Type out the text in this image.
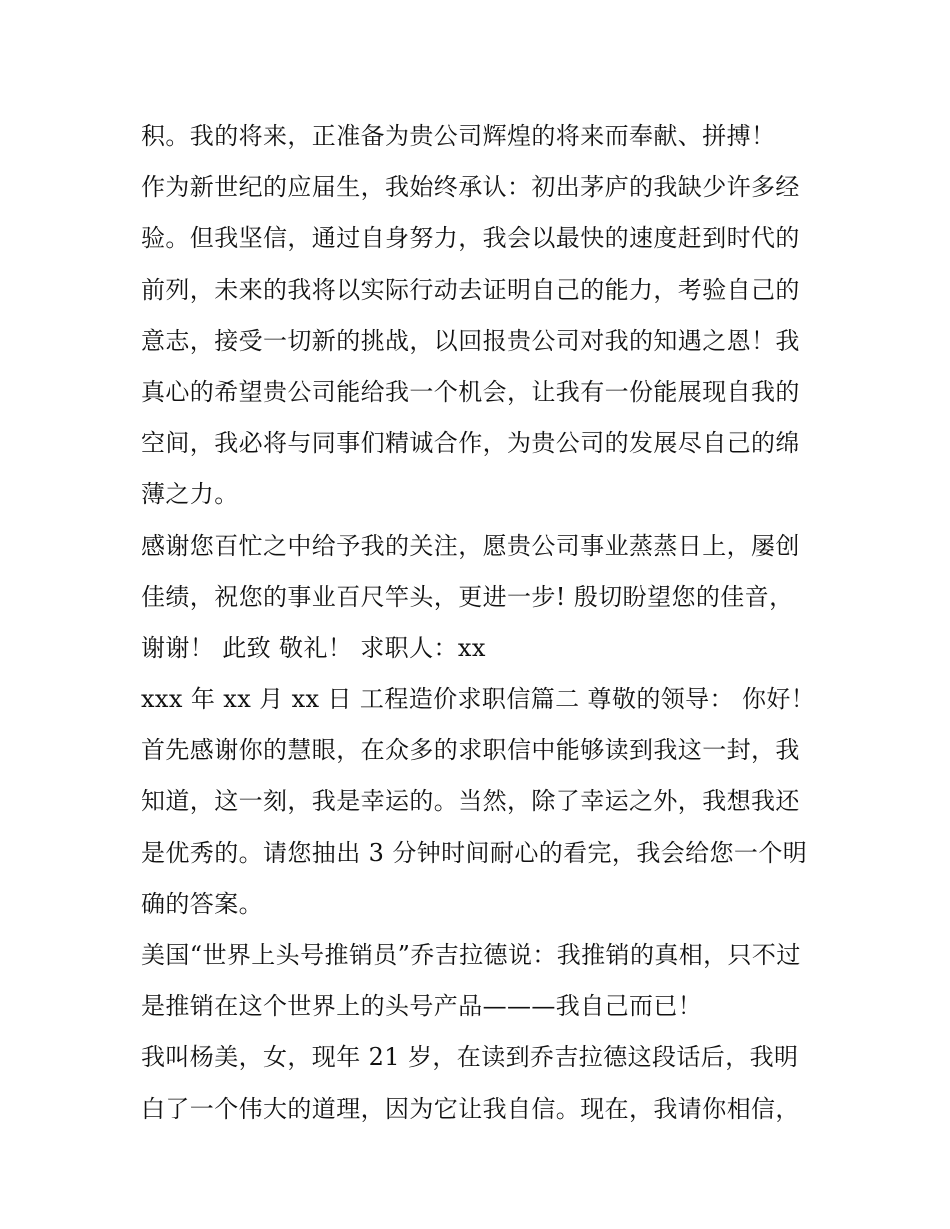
积。我的将来，正准备为贵公司辉煌的将来而奉献、拼搏！
作为新世纪的应届生，我始终承认：初出茅庐的我缺少许多经
验。但我坚信，通过自身努力，我会以最快的速度赶到时代的
前列，未来的我将以实际行动去证明自己的能力，考验自己的
意志，接受一切新的挑战，以回报贵公司对我的知遇之恩！我
真心的希望贵公司能给我一个机会，让我有一份能展现自我的
空间，我必将与同事们精诚合作，为贵公司的发展尽自己的绵
薄之力。
感谢您百忙之中给予我的关注，愿贵公司事业蒸蒸日上，屡创
佳绩，祝您的事业百尺竿头，更进一步! 殷切盼望您的佳音，
谢谢！ 此致 敬礼！ 求职人：xx
xxx 年 xx 月 xx 日 工程造价求职信篇二 尊敬的领导： 你好！
首先感谢你的慧眼，在众多的求职信中能够读到我这一封，我
知道，这一刻，我是幸运的。当然，除了幸运之外，我想我还
是优秀的。请您抽出 3 分钟时间耐心的看完，我会给您一个明
确的答案。
美国“世界上头号推销员”乔吉拉德说：我推销的真相，只不过
是推销在这个世界上的头号产品———我自己而已！
我叫杨美，女，现年 21 岁，在读到乔吉拉德这段话后，我明
白了一个伟大的道理，因为它让我自信。现在，我请你相信，
